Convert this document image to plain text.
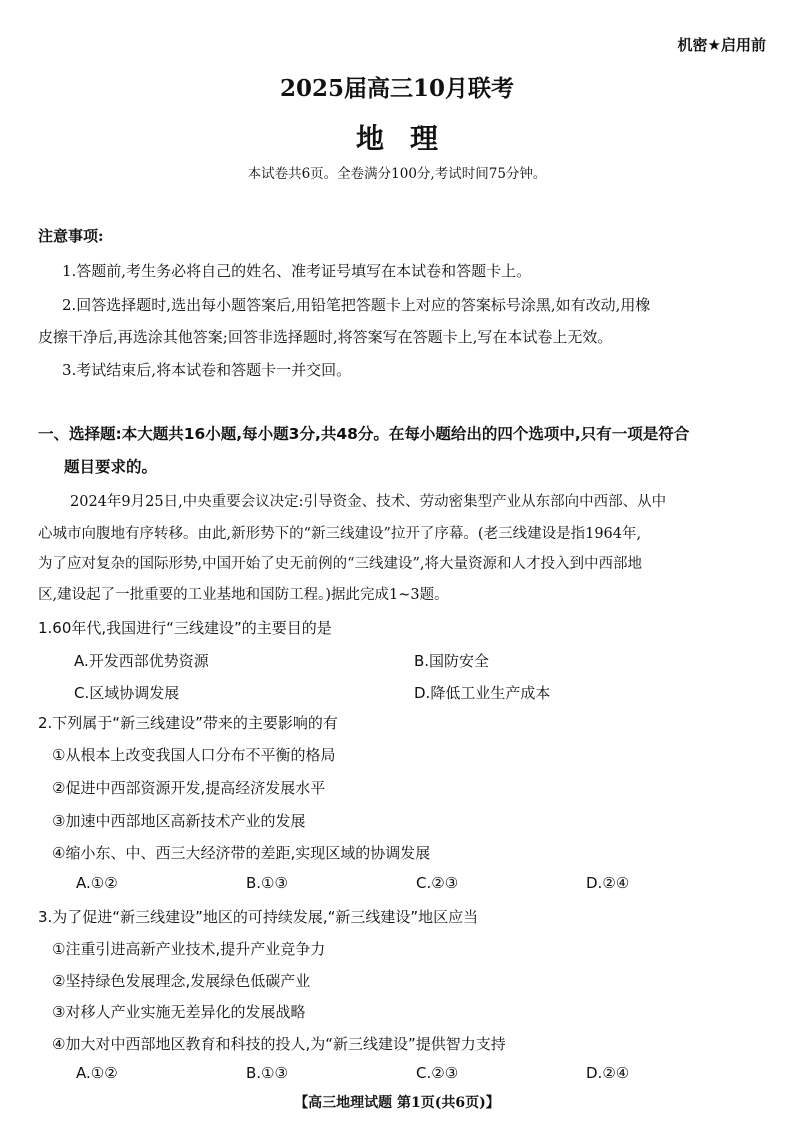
机密★启用前
2025届高三10月联考
地理
本试卷共6页。全卷满分100分,考试时间75分钟。
注意事项:
1.答题前,考生务必将自己的姓名、准考证号填写在本试卷和答题卡上。
2.回答选择题时,选出每小题答案后,用铅笔把答题卡上对应的答案标号涂黑,如有改动,用橡
皮擦干净后,再选涂其他答案;回答非选择题时,将答案写在答题卡上,写在本试卷上无效。
3.考试结束后,将本试卷和答题卡一并交回。
一、选择题:本大题共16小题,每小题3分,共48分。在每小题给出的四个选项中,只有一项是符合
题目要求的。
2024年9月25日,中央重要会议决定:引导资金、技术、劳动密集型产业从东部向中西部、从中
心城市向腹地有序转移。由此,新形势下的“新三线建设”拉开了序幕。(老三线建设是指1964年,
为了应对复杂的国际形势,中国开始了史无前例的“三线建设”,将大量资源和人才投入到中西部地
区,建设起了一批重要的工业基地和国防工程。)据此完成1~3题。
1.60年代,我国进行“三线建设”的主要目的是
A.开发西部优势资源	B.国防安全
C.区域协调发展	D.降低工业生产成本
2.下列属于“新三线建设”带来的主要影响的有
①从根本上改变我国人口分布不平衡的格局
②促进中西部资源开发,提高经济发展水平
③加速中西部地区高新技术产业的发展
④缩小东、中、西三大经济带的差距,实现区域的协调发展
A.①②	B.①③	C.②③	D.②④
3.为了促进“新三线建设”地区的可持续发展,“新三线建设”地区应当
①注重引进高新产业技术,提升产业竞争力
②坚持绿色发展理念,发展绿色低碳产业
③对移人产业实施无差异化的发展战略
④加大对中西部地区教育和科技的投人,为“新三线建设”提供智力支持
A.①②	B.①③	C.②③	D.②④
【高三地理试题 第1页(共6页)】
